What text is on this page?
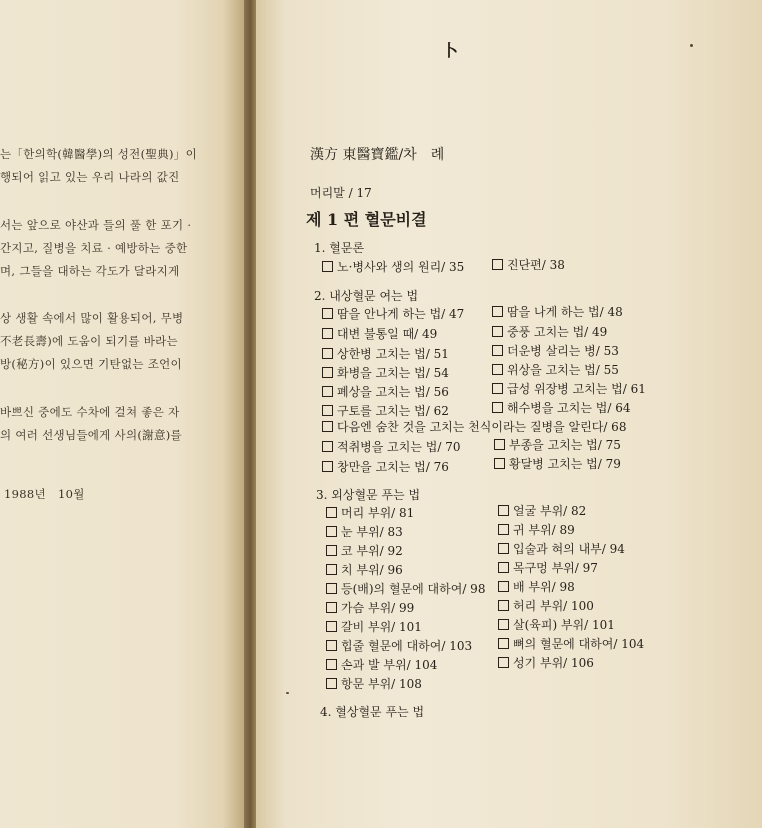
는「한의학(韓醫學)의 성전(聖典)」이
행되어 읽고 있는 우리 나라의 값진
서는 앞으로 야산과 들의 풀 한 포기 ·
간지고, 질병을 치료 · 예방하는 중한
며, 그들을 대하는 각도가 달라지게
상 생활 속에서 많이 활용되어, 무병
不老長壽)에 도움이 되기를 바라는
방(秘方)이 있으면 기탄없는 조언이
바쁘신 중에도 수차에 걸쳐 좋은 자
의 여러 선생님들에게 사의(謝意)를
1988년 10월
卜
漢方 東醫寶鑑/차　례
머리말 / 17
제 1 편 혈문비결
1. 혈문론
노·병사와 생의 원리/ 35	진단편/ 38
2. 내상혈문 여는 법
땀을 안나게 하는 법/ 47
대변 불통일 때/ 49
상한병 고치는 법/ 51
화병을 고치는 법/ 54
폐상을 고치는 법/ 56
구토를 고치는 법/ 62
땀을 나게 하는 법/ 48
중풍 고치는 법/ 49
더운병 살리는 병/ 53
위상을 고치는 법/ 55
급성 위장병 고치는 법/ 61
해수병을 고치는 법/ 64
다음엔 숨찬 것을 고치는 천식이라는 질병을 알린다/ 68
적취병을 고치는 법/ 70
창만을 고치는 법/ 76
부종을 고치는 법/ 75
황달병 고치는 법/ 79
3. 외상혈문 푸는 법
머리 부위/ 81
눈 부위/ 83
코 부위/ 92
치 부위/ 96
등(배)의 혈문에 대하여/ 98
가슴 부위/ 99
갈비 부위/ 101
힙줄 혈문에 대하여/ 103
손과 발 부위/ 104
항문 부위/ 108
얼굴 부위/ 82
귀 부위/ 89
입술과 혀의 내부/ 94
목구멍 부위/ 97
배 부위/ 98
허리 부위/ 100
살(육피) 부위/ 101
뼈의 혈문에 대하여/ 104
성기 부위/ 106
4. 혈상혈문 푸는 법
